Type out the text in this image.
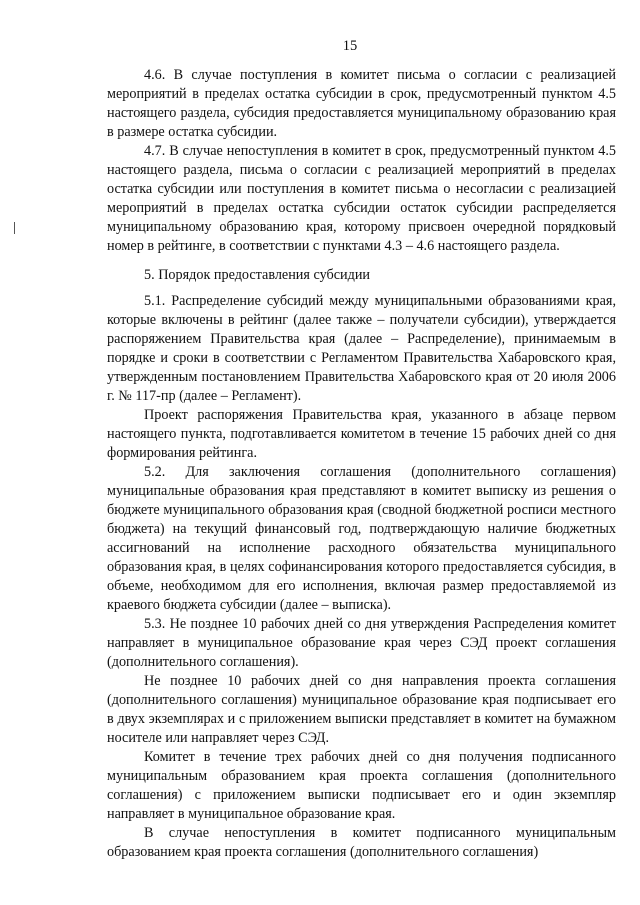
15

4.6. В случае поступления в комитет письма о согласии с реализацией мероприятий в пределах остатка субсидии в срок, предусмотренный пунктом 4.5 настоящего раздела, субсидия предоставляется муниципальному образованию края в размере остатка субсидии.

4.7. В случае непоступления в комитет в срок, предусмотренный пунктом 4.5 настоящего раздела, письма о согласии с реализацией мероприятий в пределах остатка субсидии или поступления в комитет письма о несогласии с реализацией мероприятий в пределах остатка субсидии остаток субсидии распределяется муниципальному образованию края, которому присвоен очередной порядковый номер в рейтинге, в соответствии с пунктами 4.3 – 4.6 настоящего раздела.

5. Порядок предоставления субсидии

5.1. Распределение субсидий между муниципальными образованиями края, которые включены в рейтинг (далее также – получатели субсидии), утверждается распоряжением Правительства края (далее – Распределение), принимаемым в порядке и сроки в соответствии с Регламентом Правительства Хабаровского края, утвержденным постановлением Правительства Хабаровского края от 20 июля 2006 г. № 117-пр (далее – Регламент).

Проект распоряжения Правительства края, указанного в абзаце первом настоящего пункта, подготавливается комитетом в течение 15 рабочих дней со дня формирования рейтинга.

5.2. Для заключения соглашения (дополнительного соглашения) муниципальные образования края представляют в комитет выписку из решения о бюджете муниципального образования края (сводной бюджетной росписи местного бюджета) на текущий финансовый год, подтверждающую наличие бюджетных ассигнований на исполнение расходного обязательства муниципального образования края, в целях софинансирования которого предоставляется субсидия, в объеме, необходимом для его исполнения, включая размер предоставляемой из краевого бюджета субсидии (далее – выписка).

5.3. Не позднее 10 рабочих дней со дня утверждения Распределения комитет направляет в муниципальное образование края через СЭД проект соглашения (дополнительного соглашения).

Не позднее 10 рабочих дней со дня направления проекта соглашения (дополнительного соглашения) муниципальное образование края подписывает его в двух экземплярах и с приложением выписки представляет в комитет на бумажном носителе или направляет через СЭД.

Комитет в течение трех рабочих дней со дня получения подписанного муниципальным образованием края проекта соглашения (дополнительного соглашения) с приложением выписки подписывает его и один экземпляр направляет в муниципальное образование края.

В случае непоступления в комитет подписанного муниципальным образованием края проекта соглашения (дополнительного соглашения)
